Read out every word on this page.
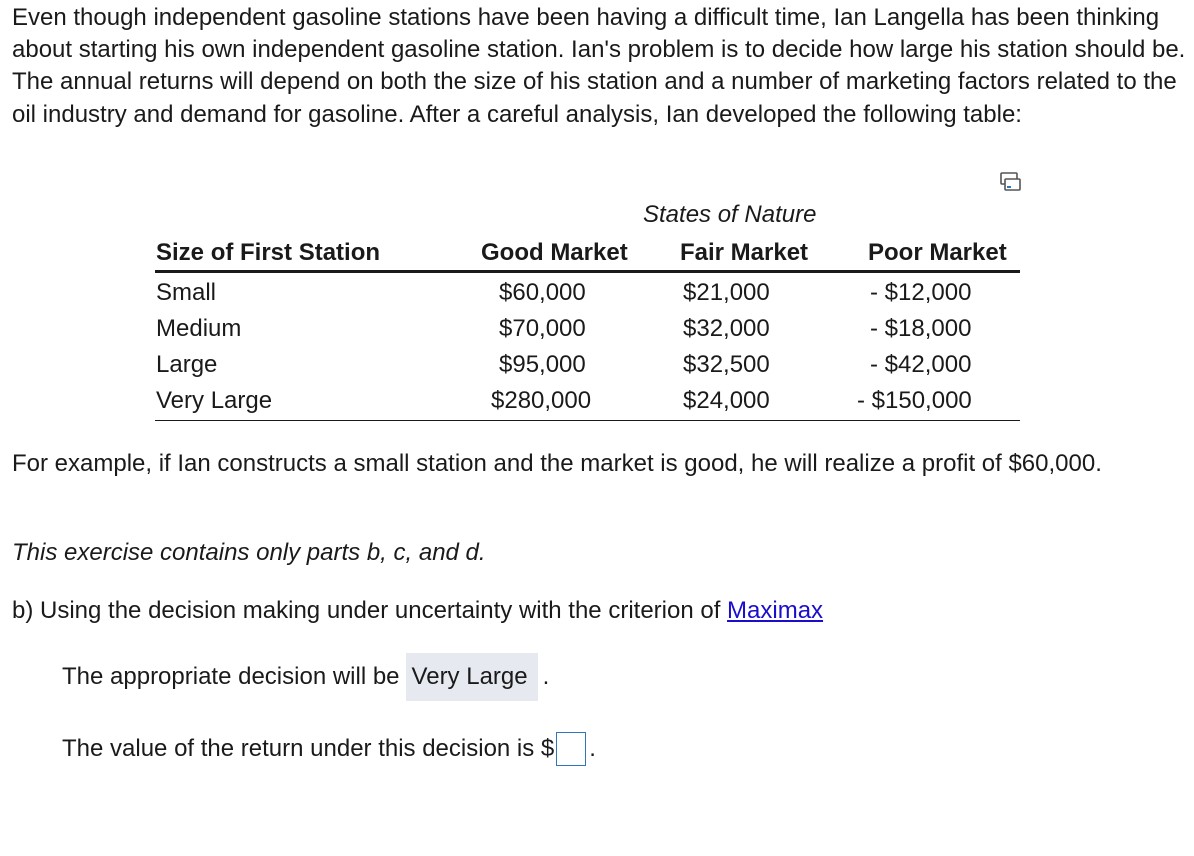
Even though independent gasoline stations have been having a difficult time, Ian Langella has been thinking about starting his own independent gasoline station. Ian's problem is to decide how large his station should be. The annual returns will depend on both the size of his station and a number of marketing factors related to the oil industry and demand for gasoline. After a careful analysis, Ian developed the following table:

States of Nature
Size of First Station	Good Market Fair Market Poor Market
Small	$60,000	$21,000	- $12,000
Medium	$70,000	$32,000	- $18,000
Large	$95,000	$32,500	- $42,000
Very Large	$280,000	$24,000	- $150,000

For example, if Ian constructs a small station and the market is good, he will realize a profit of $60,000.

This exercise contains only parts b, c, and d.

b) Using the decision making under uncertainty with the criterion of Maximax

The appropriate decision will be Very Large .
The value of the return under this decision is $ .
